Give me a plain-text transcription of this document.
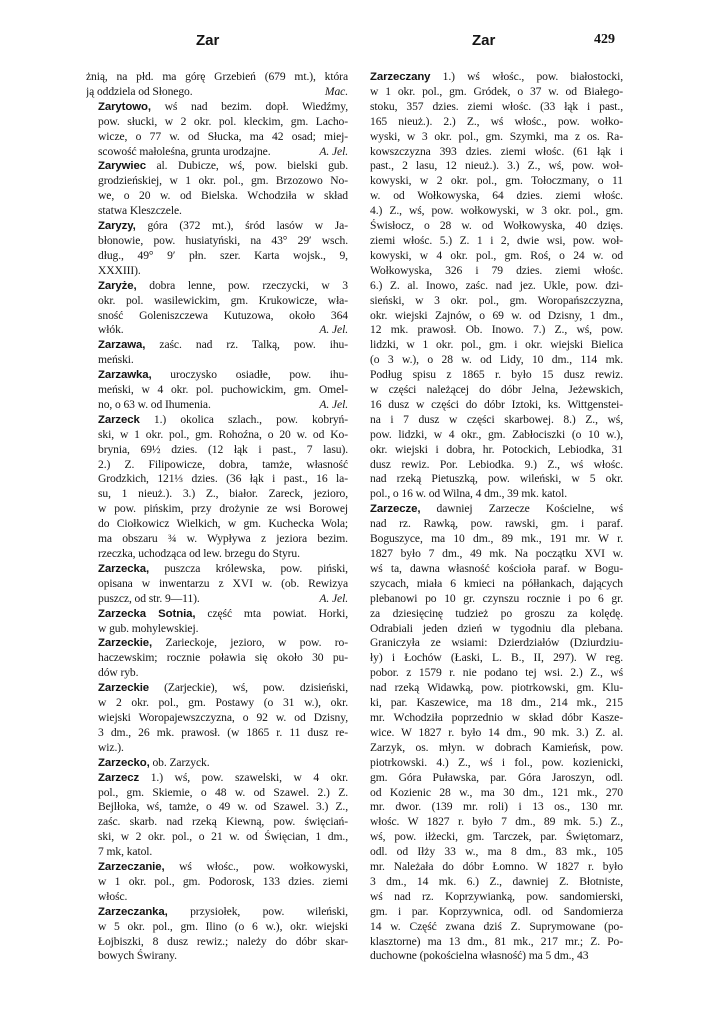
Zar	Zar	429

żnią, na płd. ma górę Grzebień (679 mt.), która
ją oddziela od Słonego.	Mac.

Zarytowo, wś nad bezim. dopł. Wiedźmy,
pow. słucki, w 2 okr. pol. kleckim, gm. Lacho-
wicze, o 77 w. od Słucka, ma 42 osad; miej-
scowość małoleśna, grunta urodzajne.	A. Jel.

Zarywiec al. Dubicze, wś, pow. bielski gub.
grodzieńskiej, w 1 okr. pol., gm. Brzozowo No-
we, o 20 w. od Bielska. Wchodziła w skład
statwa Kleszczele.

Zaryzy, góra (372 mt.), śród lasów w Ja-
błonowie, pow. husiatyński, na 43° 29′ wsch.
dług., 49° 9′ płn. szer. Karta wojsk., 9,
XXXIII).

Zaryże, dobra lenne, pow. rzeczycki, w 3
okr. pol. wasilewickim, gm. Krukowicze, wła-
sność Goleniszczewa Kutuzowa, około 364
włók.	A. Jel.

Zarzawa, zaśc. nad rz. Talką, pow. ihu-
meński.

Zarzawka, uroczysko osiadłe, pow. ihu-
meński, w 4 okr. pol. puchowickim, gm. Omel-
no, o 63 w. od Ihumenia.	A. Jel.

Zarzeck 1.) okolica szlach., pow. kobryń-
ski, w 1 okr. pol., gm. Rohoźna, o 20 w. od Ko-
brynia, 69½ dzies. (12 łąk i past., 7 lasu).
2.) Z. Filipowicze, dobra, tamże, własność
Grodzkich, 121⅓ dzies. (36 łąk i past., 16 la-
su, 1 nieuż.). 3.) Z., białor. Zareck, jezioro,
w pow. pińskim, przy drożynie ze wsi Borowej
do Ciołkowicz Wielkich, w gm. Kuchecka Wola;
ma obszaru ¾ w. Wypływa z jeziora bezim.
rzeczka, uchodząca od lew. brzegu do Styru.

Zarzecka, puszcza królewska, pow. piński,
opisana w inwentarzu z XVI w. (ob. Rewizya
puszcz, od str. 9—11).	A. Jel.

Zarzecka Sotnia, część mta powiat. Horki,
w gub. mohylewskiej.

Zarzeckie, Zarieckoje, jezioro, w pow. ro-
haczewskim; rocznie poławia się około 30 pu-
dów ryb.

Zarzeckie (Zarjeckie), wś, pow. dzisieński,
w 2 okr. pol., gm. Postawy (o 31 w.), okr.
wiejski Woropajewszczyzna, o 92 w. od Dzisny,
3 dm., 26 mk. prawosł. (w 1865 r. 11 dusz re-
wiz.).

Zarzecko, ob. Zarzyck.

Zarzecz 1.) wś, pow. szawelski, w 4 okr.
pol., gm. Skiemie, o 48 w. od Szawel. 2.) Z.
Bejlłoka, wś, tamże, o 49 w. od Szawel. 3.) Z.,
zaśc. skarb. nad rzeką Kiewną, pow. święciań-
ski, w 2 okr. pol., o 21 w. od Święcian, 1 dm.,
7 mk, katol.

Zarzeczanie, wś włośc., pow. wołkowyski,
w 1 okr. pol., gm. Podorosk, 133 dzies. ziemi
włośc.

Zarzeczanka, przysiołek, pow. wileński,
w 5 okr. pol., gm. Ilino (o 6 w.), okr. wiejski
Łojbiszki, 8 dusz rewiz.; należy do dóbr skar-
bowych Świrany.

Zarzeczany 1.) wś włośc., pow. białostocki,
w 1 okr. pol., gm. Gródek, o 37 w. od Białego-
stoku, 357 dzies. ziemi włośc. (33 łąk i past.,
165 nieuż.). 2.) Z., wś włośc., pow. wołko-
wyski, w 3 okr. pol., gm. Szymki, ma z os. Ra-
kowszczyzna 393 dzies. ziemi włośc. (61 łąk i
past., 2 lasu, 12 nieuż.). 3.) Z., wś, pow. woł-
kowyski, w 2 okr. pol., gm. Tołoczmany, o 11
w. od Wołkowyska, 64 dzies. ziemi włośc.
4.) Z., wś, pow. wołkowyski, w 3 okr. pol., gm.
Świsłocz, o 28 w. od Wołkowyska, 40 dzięs.
ziemi włośc. 5.) Z. 1 i 2, dwie wsi, pow. woł-
kowyski, w 4 okr. pol., gm. Roś, o 24 w. od
Wołkowyska, 326 i 79 dzies. ziemi włośc.
6.) Z. al. Inowo, zaśc. nad jez. Ukle, pow. dzi-
sieński, w 3 okr. pol., gm. Woropańszczyzna,
okr. wiejski Zajnów, o 69 w. od Dzisny, 1 dm.,
12 mk. prawosł. Ob. Inowo. 7.) Z., wś, pow.
lidzki, w 1 okr. pol., gm. i okr. wiejski Bielica
(o 3 w.), o 28 w. od Lidy, 10 dm., 114 mk.
Podług spisu z 1865 r. było 15 dusz rewiz.
w części należącej do dóbr Jelna, Jeżewskich,
16 dusz w części do dóbr Iztoki, ks. Wittgenstei-
na i 7 dusz w części skarbowej. 8.) Z., wś,
pow. lidzki, w 4 okr., gm. Zabłociszki (o 10 w.),
okr. wiejski i dobra, hr. Potockich, Lebiodka, 31
dusz rewiz. Por. Lebiodka. 9.) Z., wś włośc.
nad rzeką Pietuszką, pow. wileński, w 5 okr.
pol., o 16 w. od Wilna, 4 dm., 39 mk. katol.

Zarzecze, dawniej Zarzecze Kościelne, wś
nad rz. Rawką, pow. rawski, gm. i paraf.
Boguszyce, ma 10 dm., 89 mk., 191 mr. W r.
1827 było 7 dm., 49 mk. Na początku XVI w.
wś ta, dawna własność kościoła paraf. w Bogu-
szycach, miała 6 kmieci na półłankach, dających
plebanowi po 10 gr. czynszu rocznie i po 6 gr.
za dziesięcinę tudzież po groszu za kolędę.
Odrabiali jeden dzień w tygodniu dla plebana.
Graniczyła ze wsiami: Dzierdziałów (Dziurdziu-
ły) i Łochów (Łaski, L. B., II, 297). W reg.
pobor. z 1579 r. nie podano tej wsi. 2.) Z., wś
nad rzeką Widawką, pow. piotrkowski, gm. Klu-
ki, par. Kaszewice, ma 18 dm., 214 mk., 215
mr. Wchodziła poprzednio w skład dóbr Kasze-
wice. W 1827 r. było 14 dm., 90 mk. 3.) Z. al.
Zarzyk, os. młyn. w dobrach Kamieńsk, pow.
piotrkowski. 4.) Z., wś i fol., pow. kozienicki,
gm. Góra Puławska, par. Góra Jaroszyn, odl.
od Kozienic 28 w., ma 30 dm., 121 mk., 270
mr. dwor. (139 mr. roli) i 13 os., 130 mr.
włośc. W 1827 r. było 7 dm., 89 mk. 5.) Z.,
wś, pow. iłżecki, gm. Tarczek, par. Świętomarz,
odl. od Iłży 33 w., ma 8 dm., 83 mk., 105
mr. Należała do dóbr Łomno. W 1827 r. było
3 dm., 14 mk. 6.) Z., dawniej Z. Błotniste,
wś nad rz. Koprzywianką, pow. sandomierski,
gm. i par. Koprzywnica, odl. od Sandomierza
14 w. Część zwana dziś Z. Suprymowane (po-
klasztorne) ma 13 dm., 81 mk., 217 mr.; Z. Po-
duchowne (pokościelna własność) ma 5 dm., 43
